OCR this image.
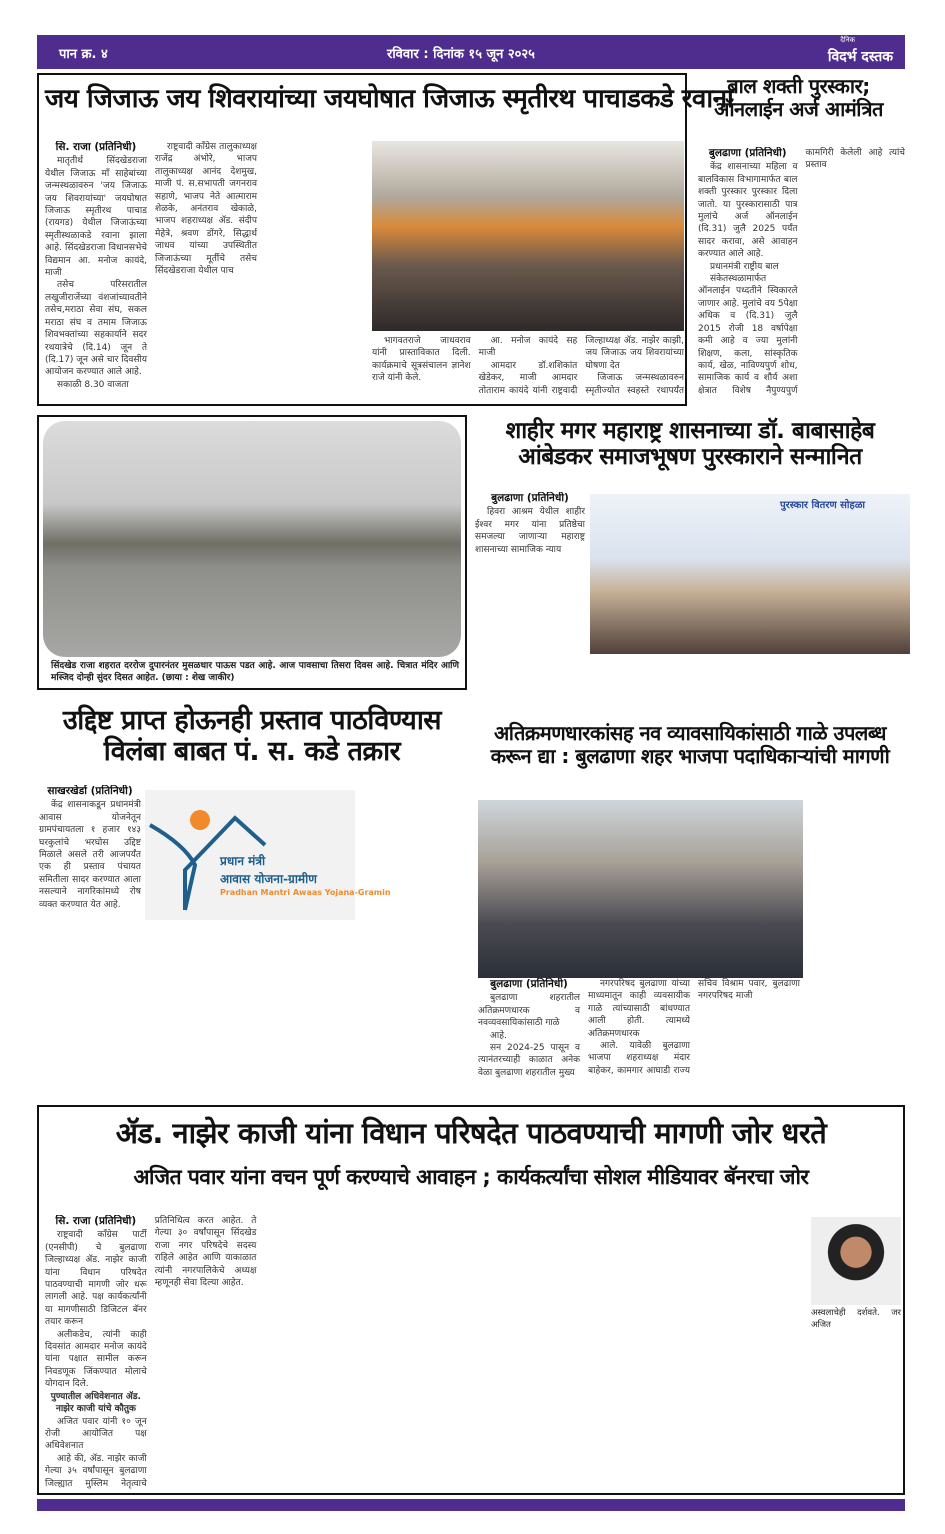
पान क्र. ४	रविवार : दिनांक १५ जून २०२५
दैनिक
विदर्भ दस्तक
जय जिजाऊ जय शिवरायांच्या जयघोषात जिजाऊ स्मृतीरथ पाचाडकडे रवाना
सि. राजा (प्रतिनिधी)

मातृतीर्थ सिंदखेडराजा येथील जिजाऊ माँ साहेबांच्या जन्मस्थळावरुन 'जय जिजाऊ जय शिवरायांच्या' जयघोषात जिजाऊ स्मृतीरथ पाचाड (रायगड) येथील जिजाऊंच्या स्मृतीस्थळाकडे रवाना झाला आहे. सिंदखेडराजा विधानसभेचे विद्यमान आ. मनोज कायंदे, माजी

तसेच परिसरातील लखुजीराजेंच्या वंशजांच्यावतीने तसेच,मराठा सेवा संघ, सकल मराठा संघ व तमाम जिजाऊ शिवभक्तांच्या सहकार्याने सदर रथयात्रेचे (दि.14) जून ते (दि.17) जून असे चार दिवसीय आयोजन करण्यात आले आहे.

सकाळी 8.30 वाजता

राष्ट्रवादी कॉंग्रेस तालुकाध्यक्ष राजेंद्र अंभोरे, भाजप तालुकाध्यक्ष आनंद देशमुख, माजी पं. स.सभापती जगनराव सहाणे, भाजप नेते आत्माराम शेळके, अनंतराव खेकाळे, भाजप शहराध्यक्ष ॲड. संदीप मेहेत्रे, श्रवण डोंगरे, सिद्धार्थ जाधव यांच्या उपस्थितीत जिजाऊंच्या मूर्तीचे तसेच सिंदखेडराजा येथील पाच

भागवतराजे जाधवराव यांनी प्रास्ताविकात दिली. कार्यक्रमाचे सूत्रसंचालन ज्ञानेश राजे यांनी केले.

आ. मनोज कायंदे सह माजी

आमदार डॉ.शशिकांत खेडेकर, माजी आमदार तोताराम कायंदे यांनी राष्ट्रवादी जिल्हाध्यक्ष ॲड. नाझेर काझी, जय जिजाऊ जय शिवरायांच्या घोषणा देत

जिजाऊ जन्मस्थळावरुन स्मृतीज्योत स्वहस्ते रथापर्यंत

बाल शक्ती पुरस्कार;
ऑनलाईन अर्ज आमंत्रित
बुलढाणा (प्रतिनिधी)

केंद्र शासनाच्या महिला व बालविकास विभागामार्फत बाल शक्ती पुरस्कार पुरस्कार दिला जातो. या पुरस्कारासाठी पात्र मुलांचे अर्ज ऑनलाईन (दि.31) जुलै 2025 पर्यंत सादर करावा, असे आवाहन करण्यात आले आहे.

प्रधानमंत्री राष्ट्रीय बाल

संकेतस्थळामार्फत ऑनलाईन पध्दतीने स्विकारले जाणार आहे. मुलांचे वय 5पेक्षा अधिक व (दि.31) जुलै 2015 रोजी 18 वर्षापेक्षा कमी आहे व ज्या मुलांनी शिक्षण, कला, सांस्कृतिक कार्य, खेळ, नाविण्यपुर्ण शोध, सामाजिक कार्य व शौर्य अशा क्षेत्रात विशेष नैपुण्यपुर्ण कामगिरी केलेली आहे त्यांचे प्रस्ताव

सिंदखेड राजा शहरात दररोज दुपारनंतर मुसळधार पाऊस पडत आहे. आज पावसाचा तिसरा दिवस आहे. चित्रात मंदिर आणि मस्जिद दोन्ही सुंदर दिसत आहेत. (छाया : शेख जाकीर)
शाहीर मगर महाराष्ट्र शासनाच्या डॉ. बाबासाहेब
आंबेडकर समाजभूषण पुरस्काराने सन्मानित
बुलढाणा (प्रतिनिधी)

हिवरा आश्रम येथील शाहीर ईश्वर मगर यांना प्रतिष्ठेचा समजल्या जाणाऱ्या महाराष्ट्र शासनाच्या सामाजिक न्याय

पुरस्कार वितरण सोहळा
उद्दिष्ट प्राप्त होऊनही प्रस्ताव पाठविण्यास
विलंबा बाबत पं. स. कडे तक्रार
साखरखेर्डा (प्रतिनिधी)

केंद्र शासनाकडून प्रधानमंत्री आवास योजनेतून ग्रामपंचायतला १ हजार १४३ घरकुलांचे भरघोस उद्दिष्ट मिळाले असले तरी आजपर्यंत एक ही प्रस्ताव पंचायत समितीला सादर करण्यात आला नसल्याने नागरिकांमध्ये रोष व्यक्त करण्यात येत आहे.

प्रधान मंत्री
आवास योजना-ग्रामीण
Pradhan Mantri Awaas Yojana-Gramin
अतिक्रमणधारकांसह नव व्यावसायिकांसाठी गाळे उपलब्ध
करून द्या : बुलढाणा शहर भाजपा पदाधिकाऱ्यांची मागणी
बुलढाणा (प्रतिनिधी)

बुलढाणा शहरातील अतिक्रमणधारक व नवव्यवसायिकांसाठी गाळे

आहे.

सन 2024-25 पासून व त्यानंतरच्याही काळात अनेक वेळा बुलढाणा शहरातील मुख्य

नगरपरिषद बुलढाणा यांच्या माध्यमातून काही व्यवसायीक गाळे त्यांच्यासाठी बांधण्यात आली होती. त्यामध्ये अतिक्रमणधारक

आले. यावेळी बुलढाणा भाजपा शहराध्यक्ष मंदार बाहेकर, कामगार आघाडी राज्य सचिव विश्राम पवार, बुलढाणा नगरपरिषद माजी

ॲड. नाझेर काजी यांना विधान परिषदेत पाठवण्याची मागणी जोर धरते
अजित पवार यांना वचन पूर्ण करण्याचे आवाहन ; कार्यकर्त्यांचा सोशल मीडियावर बॅनरचा जोर
सि. राजा (प्रतिनिधी)

राष्ट्रवादी कॉंग्रेस पार्टी (एनसीपी) चे बुलढाणा जिल्हाध्यक्ष ॲड. नाझेर काजी यांना विधान परिषदेत पाठवण्याची मागणी जोर धरू लागली आहे. पक्ष कार्यकर्त्यांनी या मागणीसाठी डिजिटल बॅनर तयार करून

अलीकडेच, त्यांनी काही दिवसांत आमदार मनोज कायंदे यांना पक्षात सामील करून निवडणूक जिंकण्यात मोलाचे योगदान दिले.

पुण्यातील अधिवेशनात ॲड. नाझेर काजी यांचे कौतुक

अजित पवार यांनी १० जून रोजी आयोजित पक्ष अधिवेशनात

आहे की, ॲड. नाझेर काजी गेल्या ३५ वर्षांपासून बुलढाणा जिल्ह्यात मुस्लिम नेतृत्वाचे प्रतिनिधित्व करत आहेत. ते गेल्या ३० वर्षांपासून सिंदखेड राजा नगर परिषदेचे सदस्य राहिले आहेत आणि याकाळात त्यांनी नगरपालिकेचे अध्यक्ष म्हणूनही सेवा दिल्या आहेत.

अस्वलाचेही दर्शवते. जर अजित
